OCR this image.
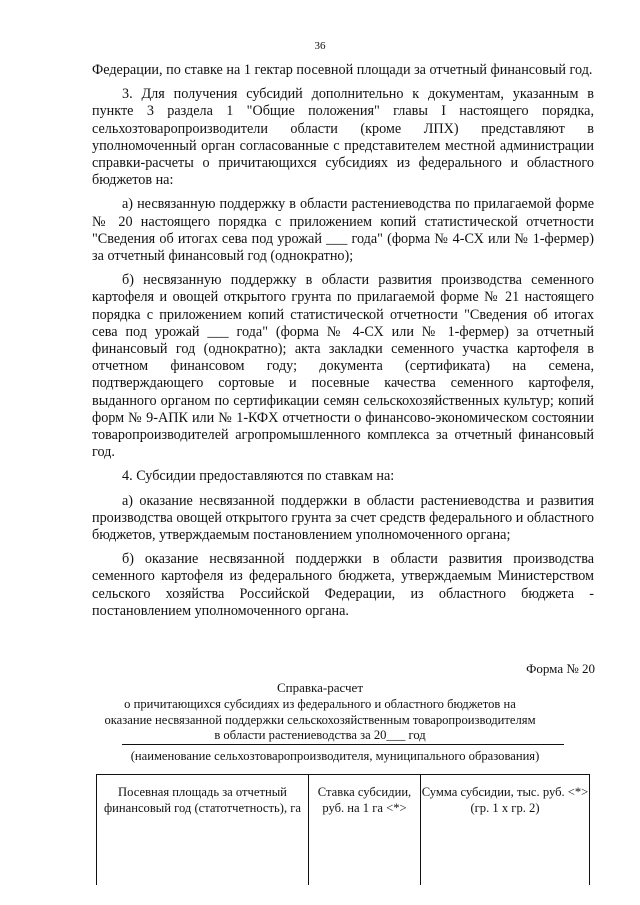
36

Федерации, по ставке на 1 гектар посевной площади за отчетный финансовый год.

3. Для получения субсидий дополнительно к документам, указанным в пункте 3 раздела 1 "Общие положения" главы I настоящего порядка, сельхозтоваропроизводители области (кроме ЛПХ) представляют в уполномоченный орган согласованные с представителем местной администрации справки-расчеты о причитающихся субсидиях из федерального и областного бюджетов на:

а) несвязанную поддержку в области растениеводства по прилагаемой форме № 20 настоящего порядка с приложением копий статистической отчетности "Сведения об итогах сева под урожай ___ года" (форма № 4-СХ или № 1-фермер) за отчетный финансовый год (однократно);

б) несвязанную поддержку в области развития производства семенного картофеля и овощей открытого грунта по прилагаемой форме № 21 настоящего порядка с приложением копий статистической отчетности "Сведения об итогах сева под урожай ___ года" (форма № 4-СХ или № 1-фермер) за отчетный финансовый год (однократно); акта закладки семенного участка картофеля в отчетном финансовом году; документа (сертификата) на семена, подтверждающего сортовые и посевные качества семенного картофеля, выданного органом по сертификации семян сельскохозяйственных культур; копий форм № 9-АПК или № 1-КФХ отчетности о финансово-экономическом состоянии товаропроизводителей агропромышленного комплекса за отчетный финансовый год.

4. Субсидии предоставляются по ставкам на:

а) оказание несвязанной поддержки в области растениеводства и развития производства овощей открытого грунта за счет средств федерального и областного бюджетов, утверждаемым постановлением уполномоченного органа;

б) оказание несвязанной поддержки в области развития производства семенного картофеля из федерального бюджета, утверждаемым Министерством сельского хозяйства Российской Федерации, из областного бюджета - постановлением уполномоченного органа.

Форма № 20
Справка-расчет
о причитающихся субсидиях из федерального и областного бюджетов на оказание несвязанной поддержки сельскохозяйственным товаропроизводителям в области растениеводства за 20___ год
(наименование сельхозтоваропроизводителя, муниципального образования)
Посевная площадь за отчетный финансовый год (статотчетность), га
Ставка субсидии, руб. на 1 га <*>
Сумма субсидии, тыс. руб. <*> (гр. 1 x гр. 2)
